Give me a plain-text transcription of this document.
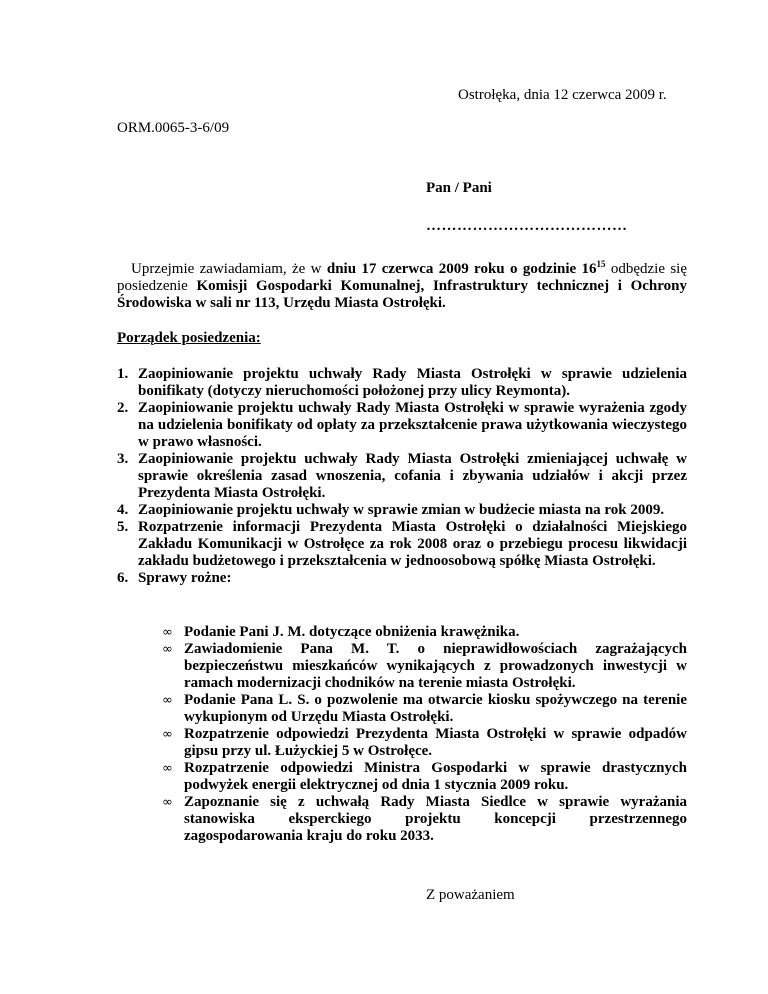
Ostrołęka, dnia 12 czerwca 2009 r.
ORM.0065-3-6/09
Pan / Pani
…………………………………

Uprzejmie zawiadamiam, że w dniu 17 czerwca 2009 roku o godzinie $16^{15}$ odbędzie się posiedzenie Komisji Gospodarki Komunalnej, Infrastruktury technicznej i Ochrony Środowiska w sali nr 113, Urzędu Miasta Ostrołęki.

Porządek posiedzenia:
1. Zaopiniowanie projektu uchwały Rady Miasta Ostrołęki w sprawie udzielenia bonifikaty (dotyczy nieruchomości położonej przy ulicy Reymonta).
2. Zaopiniowanie projektu uchwały Rady Miasta Ostrołęki w sprawie wyrażenia zgody na udzielenia bonifikaty od opłaty za przekształcenie prawa użytkowania wieczystego w prawo własności.
3. Zaopiniowanie projektu uchwały Rady Miasta Ostrołęki zmieniającej uchwałę w sprawie określenia zasad wnoszenia, cofania i zbywania udziałów i akcji przez Prezydenta Miasta Ostrołęki.
4. Zaopiniowanie projektu uchwały w sprawie zmian w budżecie miasta na rok 2009.
5. Rozpatrzenie informacji Prezydenta Miasta Ostrołęki o działalności Miejskiego Zakładu Komunikacji w Ostrołęce za rok 2008 oraz o przebiegu procesu likwidacji zakładu budżetowego i przekształcenia w jednoosobową spółkę Miasta Ostrołęki.
6. Sprawy rożne:
∞ Podanie Pani J. M. dotyczące obniżenia krawężnika.
∞ Zawiadomienie Pana M. T. o nieprawidłowościach zagrażających bezpieczeństwu mieszkańców wynikających z prowadzonych inwestycji w ramach modernizacji chodników na terenie miasta Ostrołęki.
∞ Podanie Pana L. S. o pozwolenie ma otwarcie kiosku spożywczego na terenie wykupionym od Urzędu Miasta Ostrołęki.
∞ Rozpatrzenie odpowiedzi Prezydenta Miasta Ostrołęki w sprawie odpadów gipsu przy ul. Łużyckiej 5 w Ostrołęce.
∞ Rozpatrzenie odpowiedzi Ministra Gospodarki w sprawie drastycznych podwyżek energii elektrycznej od dnia 1 stycznia 2009 roku.
∞ Zapoznanie się z uchwałą Rady Miasta Siedlce w sprawie wyrażania stanowiska eksperckiego projektu koncepcji przestrzennego zagospodarowania kraju do roku 2033.
Z poważaniem
